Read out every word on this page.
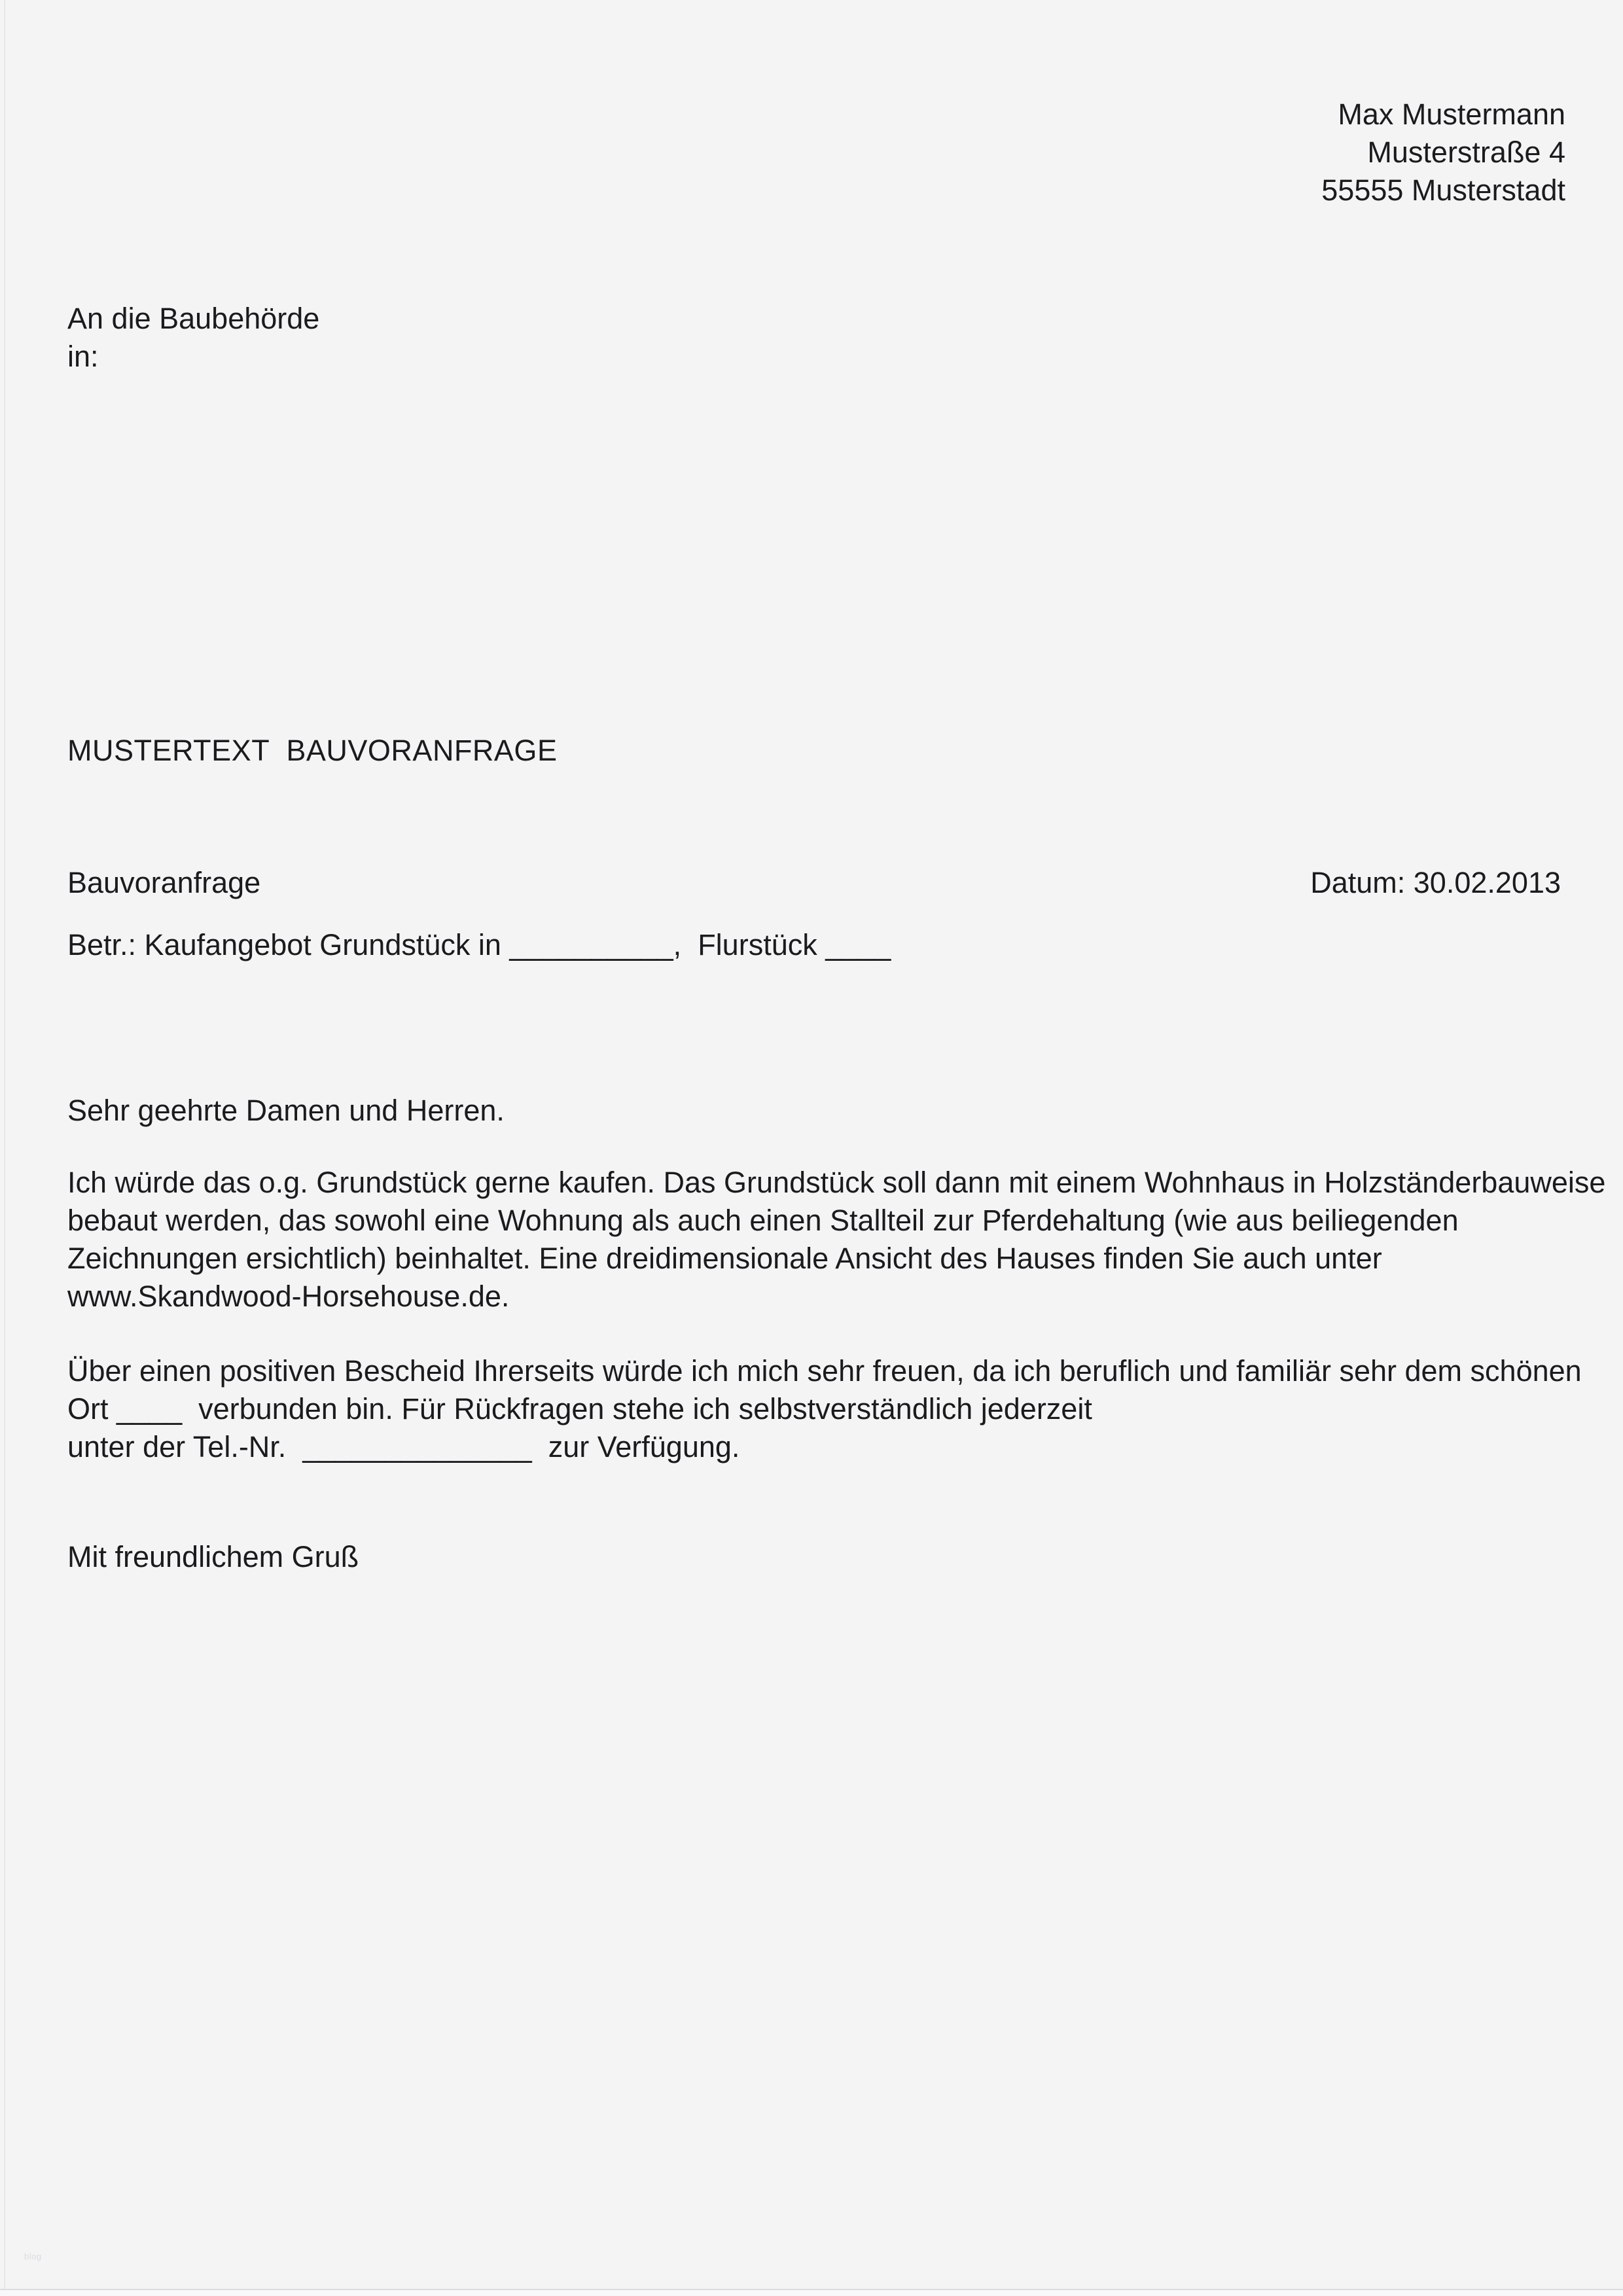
Max Mustermann
Musterstraße 4
55555 Musterstadt
An die Baubehörde
in:
MUSTERTEXT  BAUVORANFRAGE
Bauvoranfrage	Datum: 30.02.2013
Betr.: Kaufangebot Grundstück in __________,  Flurstück ____
Sehr geehrte Damen und Herren.
Ich würde das o.g. Grundstück gerne kaufen. Das Grundstück soll dann mit einem Wohnhaus in Holzständerbauweise
bebaut werden, das sowohl eine Wohnung als auch einen Stallteil zur Pferdehaltung (wie aus beiliegenden
Zeichnungen ersichtlich) beinhaltet. Eine dreidimensionale Ansicht des Hauses finden Sie auch unter
www.Skandwood-Horsehouse.de.
Über einen positiven Bescheid Ihrerseits würde ich mich sehr freuen, da ich beruflich und familiär sehr dem schönen
Ort ____  verbunden bin. Für Rückfragen stehe ich selbstverständlich jederzeit
unter der Tel.-Nr.  ______________  zur Verfügung.
Mit freundlichem Gruß
blog
